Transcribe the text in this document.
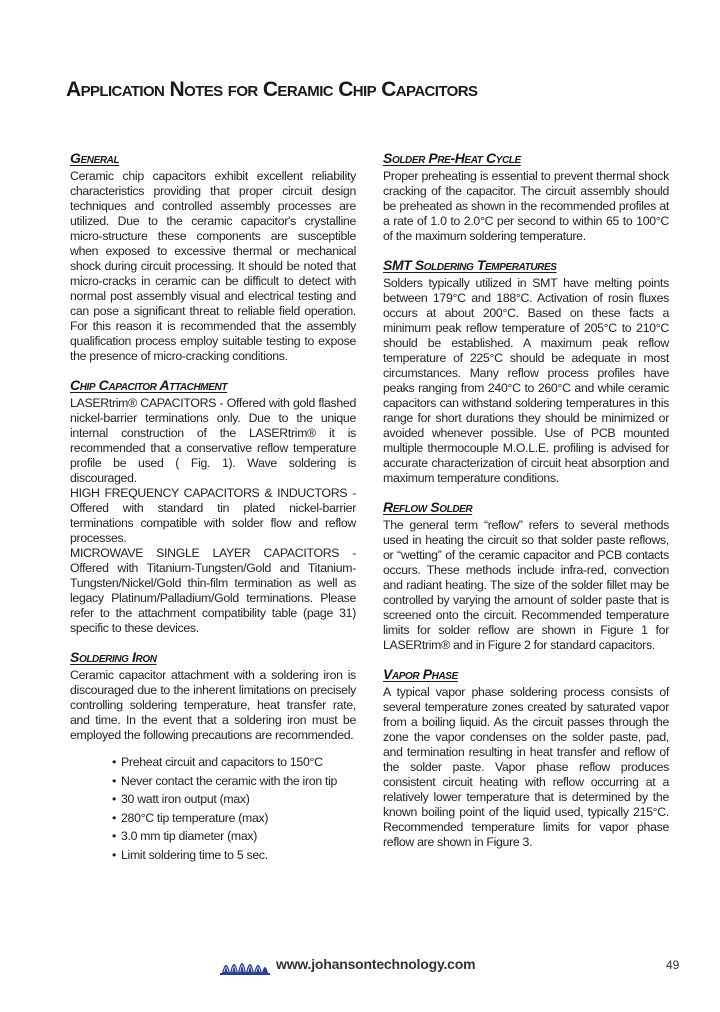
Application Notes for Ceramic Chip Capacitors
General

Ceramic chip capacitors exhibit excellent reliability characteristics providing that proper circuit design techniques and controlled assembly processes are utilized. Due to the ceramic capacitor's crystalline micro-structure these components are susceptible when exposed to excessive thermal or mechanical shock during circuit processing. It should be noted that micro-cracks in ceramic can be difficult to detect with normal post assembly visual and electrical testing and can pose a significant threat to reliable field operation. For this reason it is recommended that the assembly qualification process employ suitable testing to expose the presence of micro-cracking conditions.

Chip Capacitor Attachment

LASERtrim® CAPACITORS - Offered with gold flashed nickel-barrier terminations only. Due to the unique internal construction of the LASERtrim® it is recommended that a conservative reflow temperature profile be used ( Fig. 1). Wave soldering is discouraged.

HIGH FREQUENCY CAPACITORS & INDUCTORS - Offered with standard tin plated nickel-barrier terminations compatible with solder flow and reflow processes.

MICROWAVE SINGLE LAYER CAPACITORS - Offered with Titanium-Tungsten/Gold and Titanium-Tungsten/Nickel/Gold thin-film termination as well as legacy Platinum/Palladium/Gold terminations. Please refer to the attachment compatibility table (page 31) specific to these devices.

Soldering Iron

Ceramic capacitor attachment with a soldering iron is discouraged due to the inherent limitations on precisely controlling soldering temperature, heat transfer rate, and time. In the event that a soldering iron must be employed the following precautions are recommended.

• Preheat circuit and capacitors to 150°C
• Never contact the ceramic with the iron tip
• 30 watt iron output (max)
• 280°C tip temperature (max)
• 3.0 mm tip diameter (max)
• Limit soldering time to 5 sec.
Solder Pre-Heat Cycle

Proper preheating is essential to prevent thermal shock cracking of the capacitor. The circuit assembly should be preheated as shown in the recommended profiles at a rate of 1.0 to 2.0°C per second to within 65 to 100°C of the maximum soldering temperature.

SMT Soldering Temperatures

Solders typically utilized in SMT have melting points between 179°C and 188°C. Activation of rosin fluxes occurs at about 200°C. Based on these facts a minimum peak reflow temperature of 205°C to 210°C should be established. A maximum peak reflow temperature of 225°C should be adequate in most circumstances. Many reflow process profiles have peaks ranging from 240°C to 260°C and while ceramic capacitors can withstand soldering temperatures in this range for short durations they should be minimized or avoided whenever possible. Use of PCB mounted multiple thermocouple M.O.L.E. profiling is advised for accurate characterization of circuit heat absorption and maximum temperature conditions.

Reflow Solder

The general term “reflow” refers to several methods used in heating the circuit so that solder paste reflows, or “wetting” of the ceramic capacitor and PCB contacts occurs. These methods include infra-red, convection and radiant heating. The size of the solder fillet may be controlled by varying the amount of solder paste that is screened onto the circuit. Recommended temperature limits for solder reflow are shown in Figure 1 for LASERtrim® and in Figure 2 for standard capacitors.

Vapor Phase

A typical vapor phase soldering process consists of several temperature zones created by saturated vapor from a boiling liquid. As the circuit passes through the zone the vapor condenses on the solder paste, pad, and termination resulting in heat transfer and reflow of the solder paste. Vapor phase reflow produces consistent circuit heating with reflow occurring at a relatively lower temperature that is determined by the known boiling point of the liquid used, typically 215°C. Recommended temperature limits for vapor phase reflow are shown in Figure 3.

www.johansontechnology.com	49
